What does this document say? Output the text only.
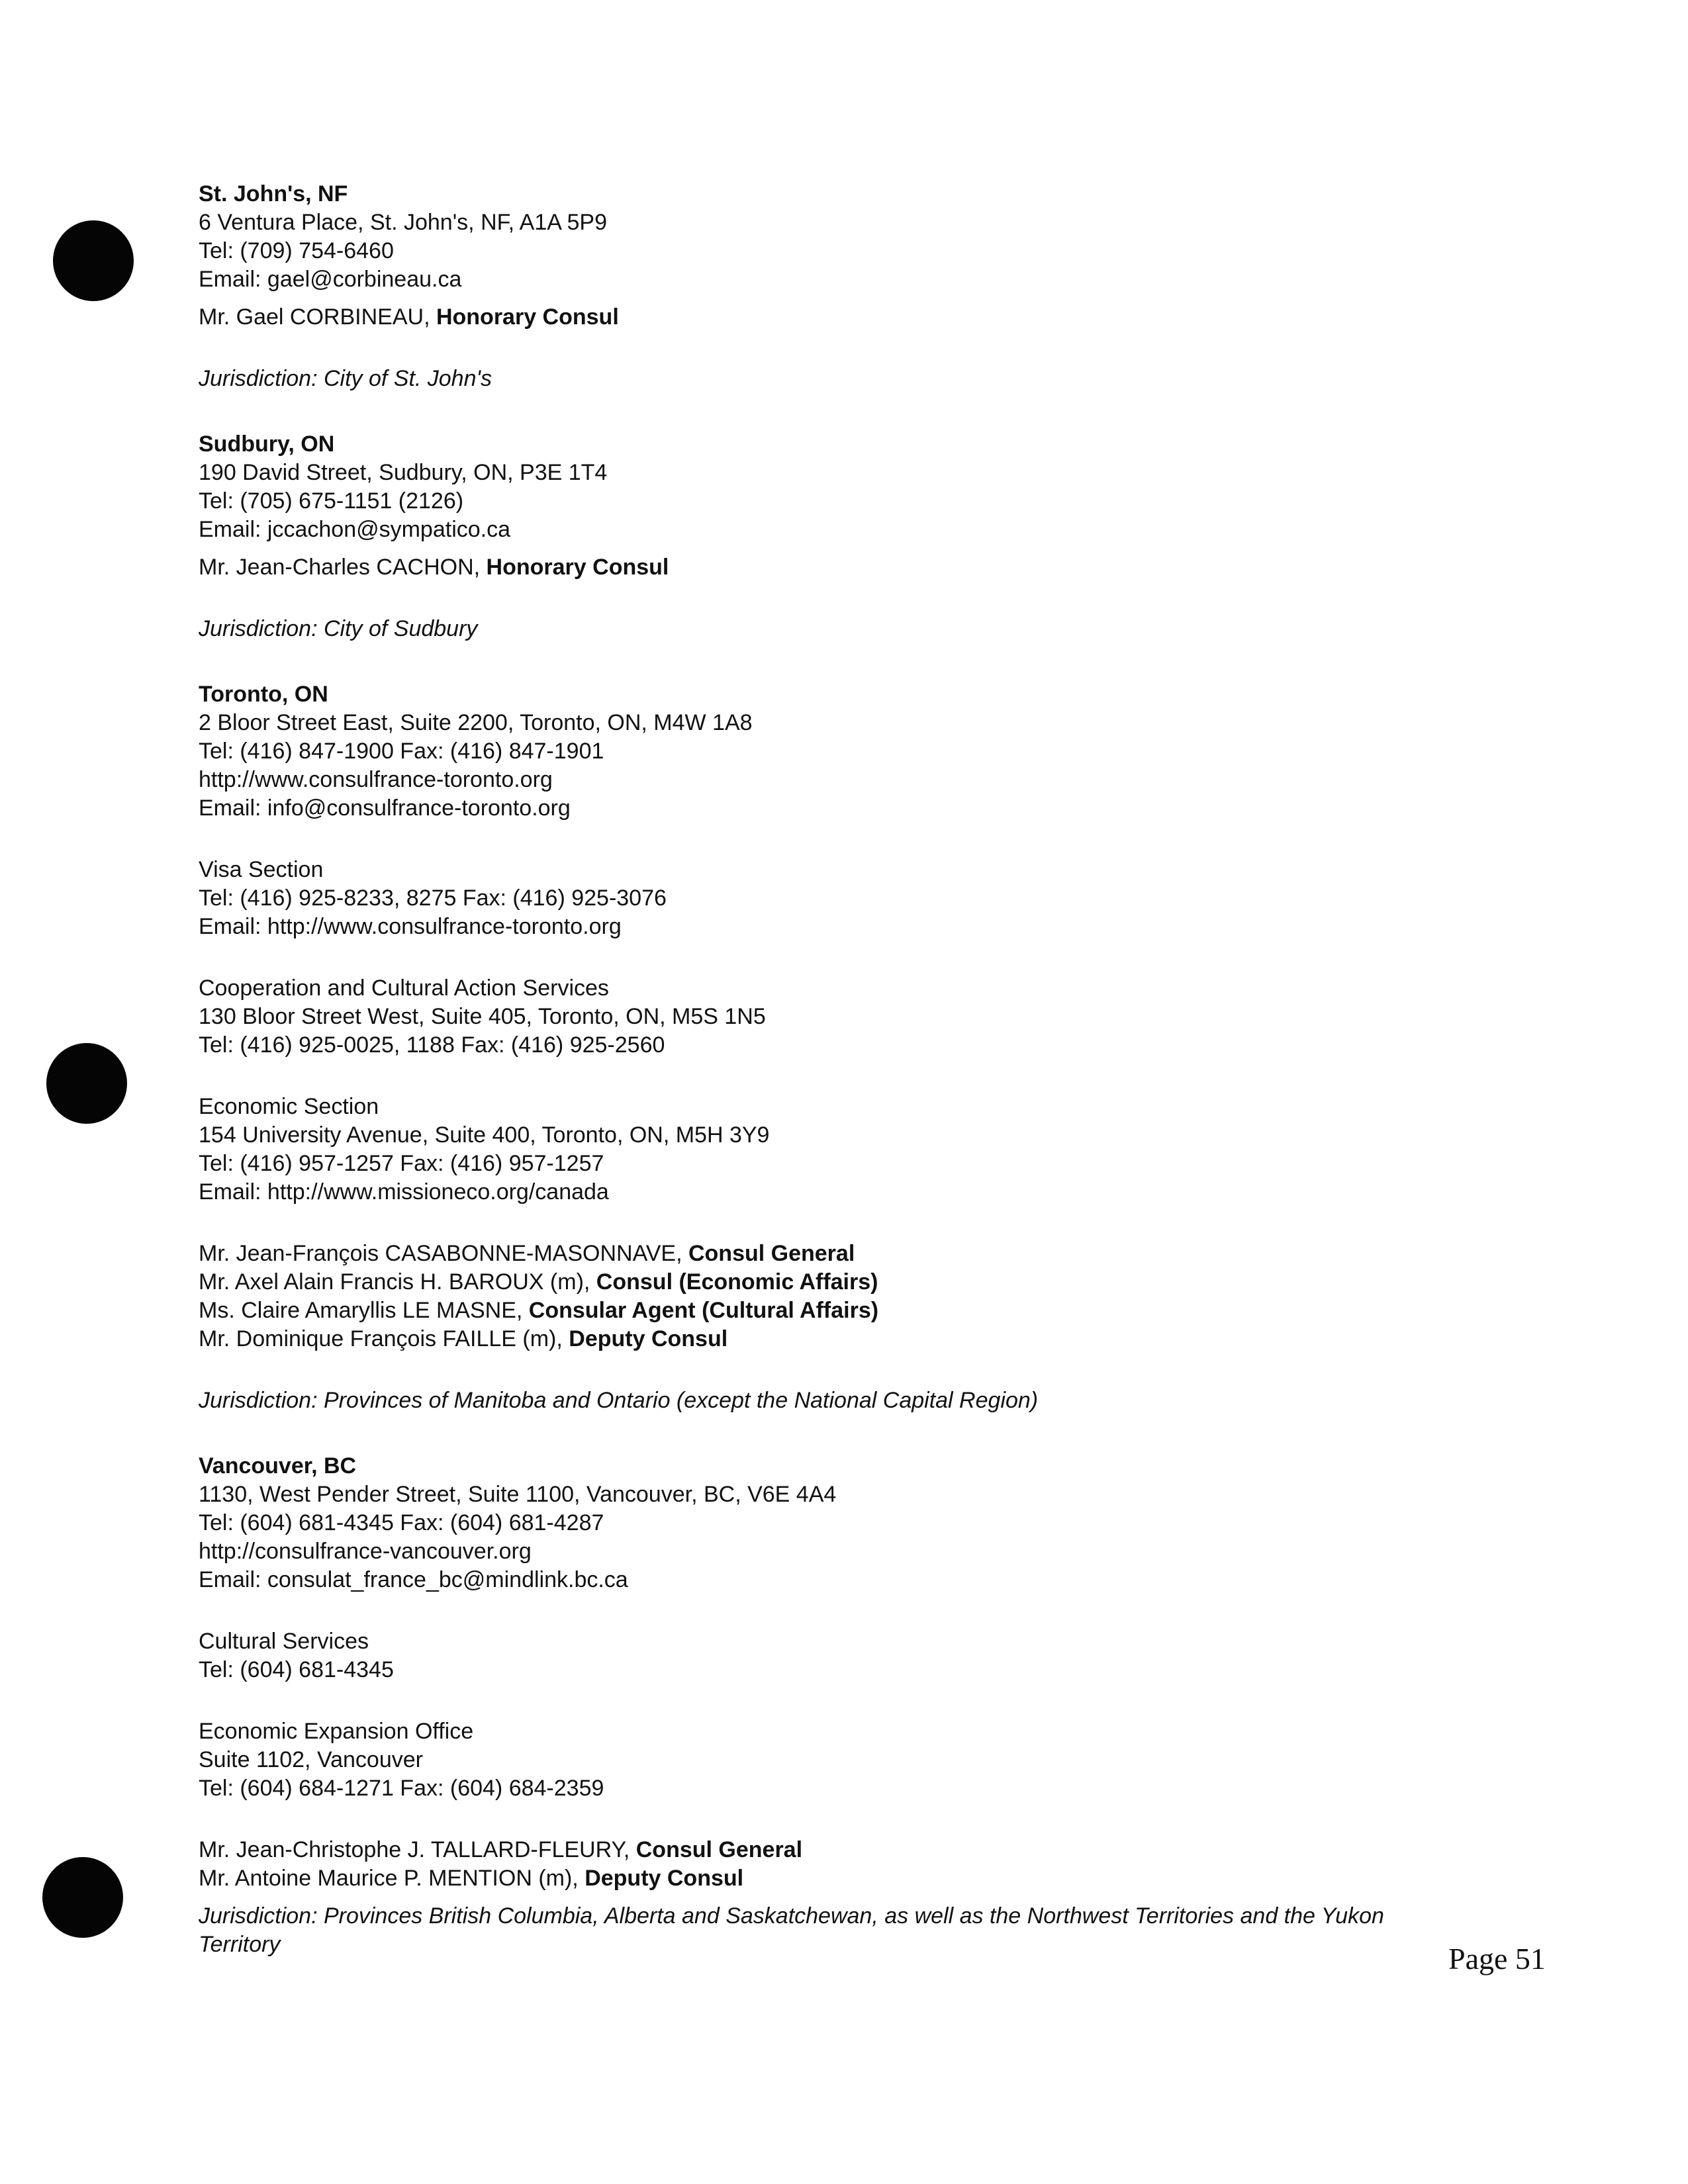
St. John's, NF
6 Ventura Place, St. John's, NF, A1A 5P9
Tel: (709) 754-6460
Email: gael@corbineau.ca
Mr. Gael CORBINEAU, Honorary Consul
Jurisdiction: City of St. John's
Sudbury, ON
190 David Street, Sudbury, ON, P3E 1T4
Tel: (705) 675-1151 (2126)
Email: jccachon@sympatico.ca
Mr. Jean-Charles CACHON, Honorary Consul
Jurisdiction: City of Sudbury
Toronto, ON
2 Bloor Street East, Suite 2200, Toronto, ON, M4W 1A8
Tel: (416) 847-1900 Fax: (416) 847-1901
http://www.consulfrance-toronto.org
Email: info@consulfrance-toronto.org
Visa Section
Tel: (416) 925-8233, 8275 Fax: (416) 925-3076
Email: http://www.consulfrance-toronto.org
Cooperation and Cultural Action Services
130 Bloor Street West, Suite 405, Toronto, ON, M5S 1N5
Tel: (416) 925-0025, 1188 Fax: (416) 925-2560
Economic Section
154 University Avenue, Suite 400, Toronto, ON, M5H 3Y9
Tel: (416) 957-1257 Fax: (416) 957-1257
Email: http://www.missioneco.org/canada
Mr. Jean-François CASABONNE-MASONNAVE, Consul General
Mr. Axel Alain Francis H. BAROUX (m), Consul (Economic Affairs)
Ms. Claire Amaryllis LE MASNE, Consular Agent (Cultural Affairs)
Mr. Dominique François FAILLE (m), Deputy Consul
Jurisdiction: Provinces of Manitoba and Ontario (except the National Capital Region)
Vancouver, BC
1130, West Pender Street, Suite 1100, Vancouver, BC, V6E 4A4
Tel: (604) 681-4345 Fax: (604) 681-4287
http://consulfrance-vancouver.org
Email: consulat_france_bc@mindlink.bc.ca
Cultural Services
Tel: (604) 681-4345
Economic Expansion Office
Suite 1102, Vancouver
Tel: (604) 684-1271 Fax: (604) 684-2359
Mr. Jean-Christophe J. TALLARD-FLEURY, Consul General
Mr. Antoine Maurice P. MENTION (m), Deputy Consul
Jurisdiction: Provinces British Columbia, Alberta and Saskatchewan, as well as the Northwest Territories and the Yukon
Territory	Page 51
